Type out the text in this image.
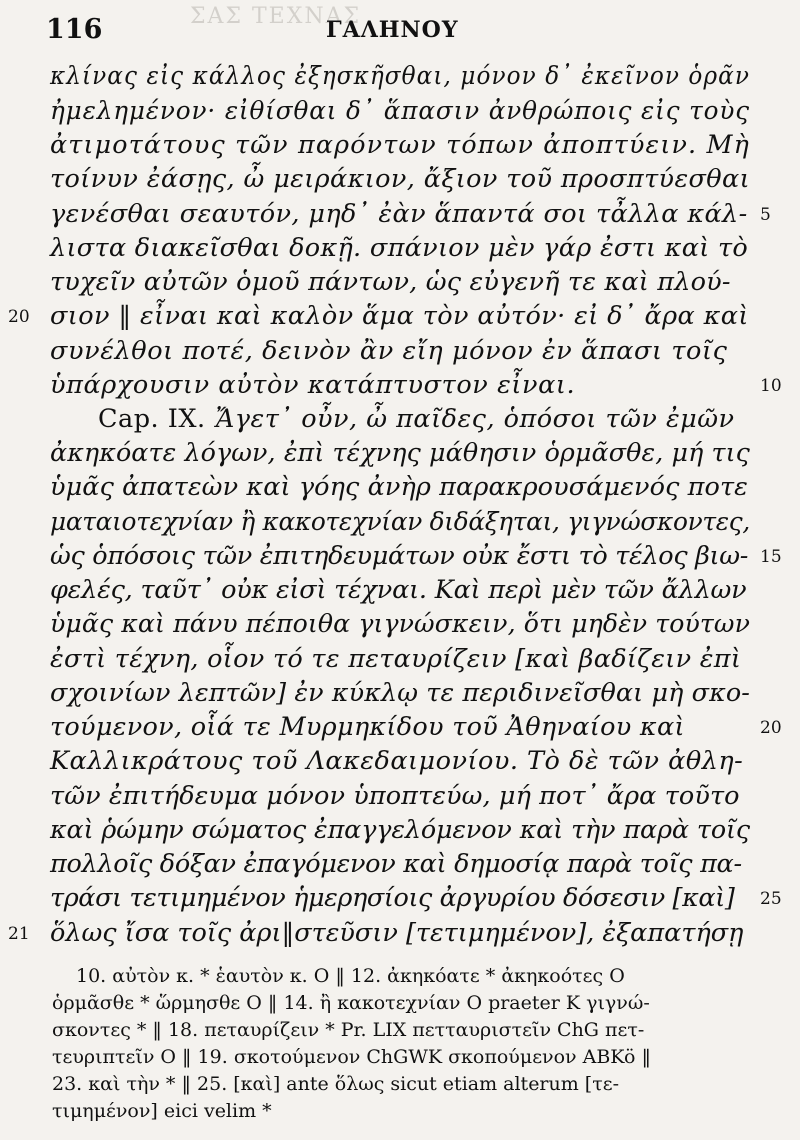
ΣΑΣ ΤΕΧΝΑΣ
116	ΓΑΛΗΝΟΥ
κλίνας εἰς κάλλος ἐξησκῆσθαι, μόνον δ᾽ ἐκεῖνον ὁρᾶν
ἠμελημένον· εἰθίσθαι δ᾽ ἅπασιν ἀνθρώποις εἰς τοὺς
ἀτιμοτάτους τῶν παρόντων τόπων ἀποπτύειν. Μὴ
τοίνυν ἐάσῃς, ὦ μειράκιον, ἄξιον τοῦ προσπτύεσθαι
γενέσθαι σεαυτόν, μηδ᾽ ἐὰν ἅπαντά σοι τἆλλα κάλ-
λιστα διακεῖσθαι δοκῇ. σπάνιον μὲν γάρ ἐστι καὶ τὸ
τυχεῖν αὐτῶν ὁμοῦ πάντων, ὡς εὐγενῆ τε καὶ πλού-
σιον ‖ εἶναι καὶ καλὸν ἅμα τὸν αὐτόν· εἰ δ᾽ ἄρα καὶ
συνέλθοι ποτέ, δεινὸν ἂν εἴη μόνον ἐν ἅπασι τοῖς
ὑπάρχουσιν αὐτὸν κατάπτυστον εἶναι.
Cap. IX. Ἄγετ᾽ οὖν, ὦ παῖδες, ὁπόσοι τῶν ἐμῶν
ἀκηκόατε λόγων, ἐπὶ τέχνης μάθησιν ὁρμᾶσθε, μή τις
ὑμᾶς ἀπατεὼν καὶ γόης ἀνὴρ παρακρουσάμενός ποτε
ματαιοτεχνίαν ἢ κακοτεχνίαν διδάξηται, γιγνώσκοντες,
ὡς ὁπόσοις τῶν ἐπιτηδευμάτων οὐκ ἔστι τὸ τέλος βιω-
φελές, ταῦτ᾽ οὐκ εἰσὶ τέχναι. Καὶ περὶ μὲν τῶν ἄλλων
ὑμᾶς καὶ πάνυ πέποιθα γιγνώσκειν, ὅτι μηδὲν τούτων
ἐστὶ τέχνη, οἷον τό τε πεταυρίζειν [καὶ βαδίζειν ἐπὶ
σχοινίων λεπτῶν] ἐν κύκλῳ τε περιδινεῖσθαι μὴ σκο-
τούμενον, οἷά τε Μυρμηκίδου τοῦ Ἀθηναίου καὶ
Καλλικράτους τοῦ Λακεδαιμονίου. Τὸ δὲ τῶν ἀθλη-
τῶν ἐπιτήδευμα μόνον ὑποπτεύω, μή ποτ᾽ ἄρα τοῦτο
καὶ ῥώμην σώματος ἐπαγγελόμενον καὶ τὴν παρὰ τοῖς
πολλοῖς δόξαν ἐπαγόμενον καὶ δημοσίᾳ παρὰ τοῖς πα-
τράσι τετιμημένον ἡμερησίοις ἀργυρίου δόσεσιν [καὶ]
ὅλως ἴσα τοῖς ἀρι‖στεῦσιν [τετιμημένον], ἐξαπατήσῃ
20
21
5
10
15
20
25
10. αὐτὸν κ. * ἑαυτὸν κ. O ‖ 12. ἀκηκόατε * ἀκηκοότες O
ὁρμᾶσθε * ὥρμησθε O ‖ 14. ἢ κακοτεχνίαν O praeter K γιγνώ-
σκοντες * ‖ 18. πεταυρίζειν * Pr. LIX πετταυριστεῖν ChG πετ-
τευριπτεῖν O ‖ 19. σκοτούμενον ChGWK σκοπούμενον ABKö ‖
23. καὶ τὴν * ‖ 25. [καὶ] ante ὅλως sicut etiam alterum [τε-
τιμημένον] eici velim *
